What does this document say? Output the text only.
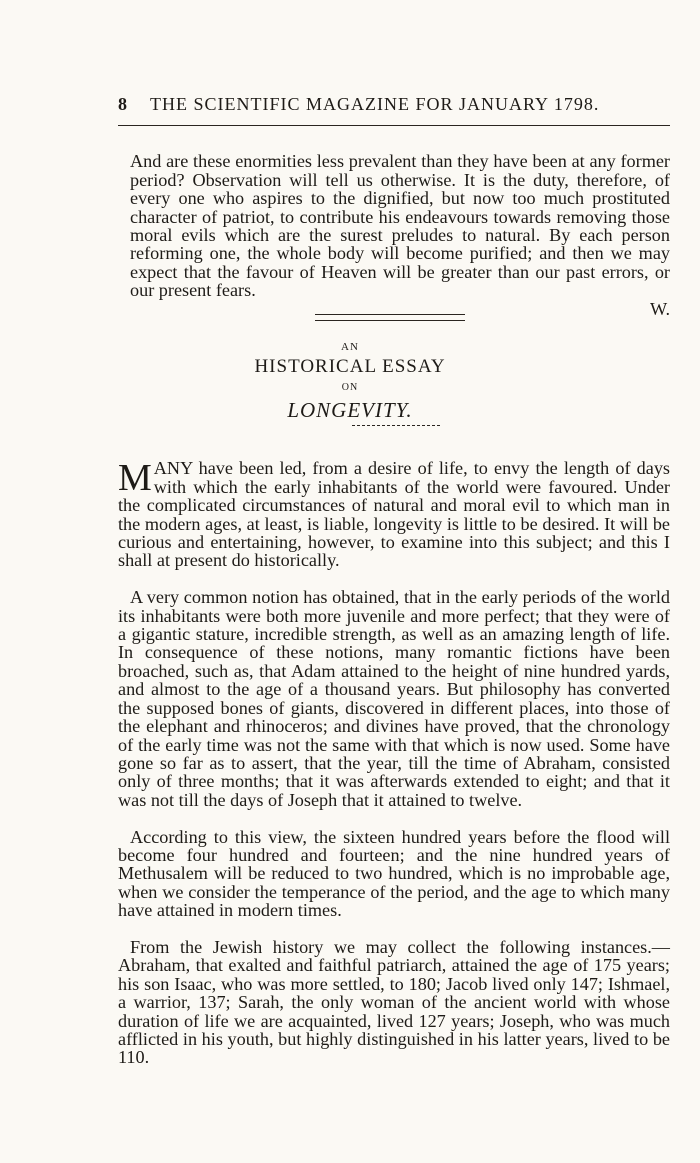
8 THE SCIENTIFIC MAGAZINE FOR JANUARY 1798.

And are these enormities less prevalent than they have been at any former period? Observation will tell us otherwise. It is the duty, therefore, of every one who aspires to the dignified, but now too much prostituted character of patriot, to contribute his endeavours towards removing those moral evils which are the surest preludes to natural. By each person reforming one, the whole body will become purified; and then we may expect that the favour of Heaven will be greater than our past errors, or our present fears.

W.

AN
HISTORICAL ESSAY
ON
LONGEVITY.

MANY have been led, from a desire of life, to envy the length of days with which the early inhabitants of the world were favoured. Under the complicated circumstances of natural and moral evil to which man in the modern ages, at least, is liable, longevity is little to be desired. It will be curious and entertaining, however, to examine into this subject; and this I shall at present do historically.

A very common notion has obtained, that in the early periods of the world its inhabitants were both more juvenile and more perfect; that they were of a gigantic stature, incredible strength, as well as an amazing length of life. In consequence of these notions, many romantic fictions have been broached, such as, that Adam attained to the height of nine hundred yards, and almost to the age of a thousand years. But philosophy has converted the supposed bones of giants, discovered in different places, into those of the elephant and rhinoceros; and divines have proved, that the chronology of the early time was not the same with that which is now used. Some have gone so far as to assert, that the year, till the time of Abraham, consisted only of three months; that it was afterwards extended to eight; and that it was not till the days of Joseph that it attained to twelve.

According to this view, the sixteen hundred years before the flood will become four hundred and fourteen; and the nine hundred years of Methusalem will be reduced to two hundred, which is no improbable age, when we consider the temperance of the period, and the age to which many have attained in modern times.

From the Jewish history we may collect the following instances.— Abraham, that exalted and faithful patriarch, attained the age of 175 years; his son Isaac, who was more settled, to 180; Jacob lived only 147; Ishmael, a warrior, 137; Sarah, the only woman of the ancient world with whose duration of life we are acquainted, lived 127 years; Joseph, who was much afflicted in his youth, but highly distinguished in his latter years, lived to be 110.
